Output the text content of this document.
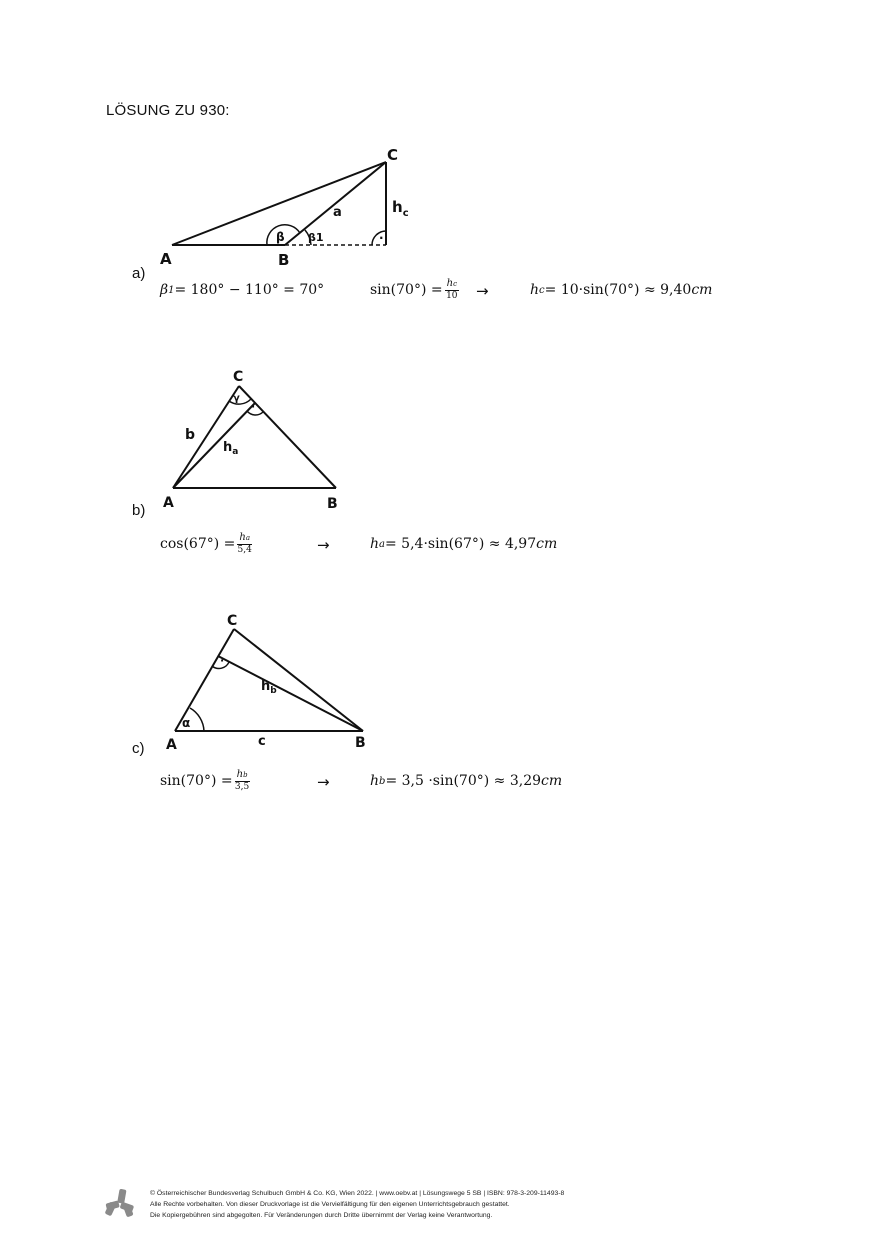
LÖSUNG ZU 930:
·
A	B
C
$h_c$
a
β β1
a)
β 1 = 180° − 110° = 70°	$\sin(70^\circ) = \frac{hc}{10}$ →	h c = 10·sin(70°) ≈ 9,40 cm
·
γ
C
A	B
b
$h_a$
b)
$\cos(67^\circ) = \frac{ha}{5,4}$	→	h a = 5,4·sin(67°) ≈ 4,97 cm
·
α
C
A	B
c
$h_b$
c)
$\sin(70^\circ) = \frac{hb}{3,5}$	→	h b = 3,5 ·sin(70°) ≈ 3,29 cm
© Österreichischer Bundesverlag Schulbuch GmbH & Co. KG, Wien 2022. | www.oebv.at | Lösungswege 5 SB | ISBN: 978-3-209-11493-8
Alle Rechte vorbehalten. Von dieser Druckvorlage ist die Vervielfältigung für den eigenen Unterrichtsgebrauch gestattet.
Die Kopiergebühren sind abgegolten. Für Veränderungen durch Dritte übernimmt der Verlag keine Verantwortung.
